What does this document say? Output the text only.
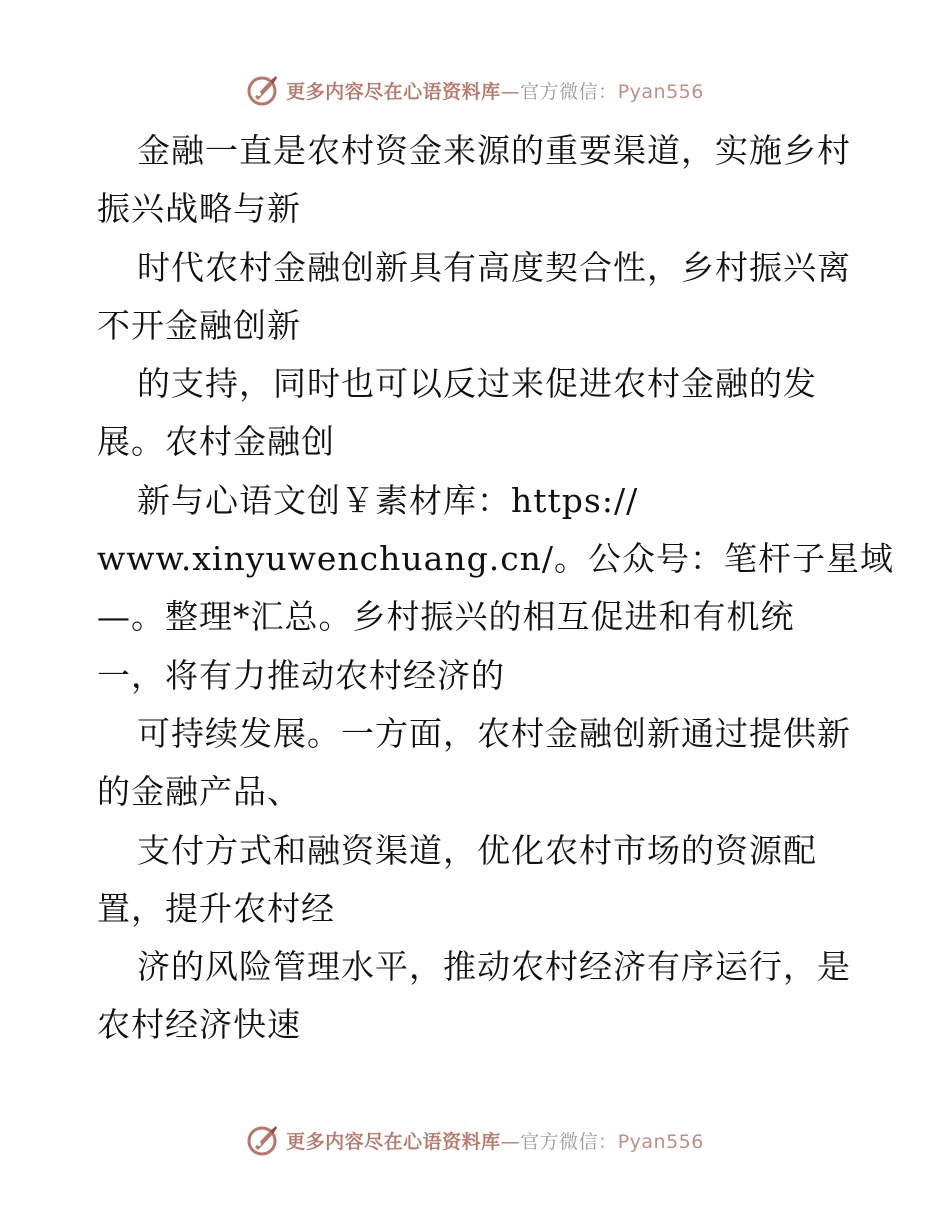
更多内容尽在心语资料库—官方微信：Pyan556
金融一直是农村资金来源的重要渠道，实施乡村
振兴战略与新
时代农村金融创新具有高度契合性，乡村振兴离
不开金融创新
的支持，同时也可以反过来促进农村金融的发
展。农村金融创
新与心语文创￥素材库：https://
www.xinyuwenchuang.cn/。公众号：笔杆子星域
—。整理*汇总。乡村振兴的相互促进和有机统
一，将有力推动农村经济的
可持续发展。一方面，农村金融创新通过提供新
的金融产品、
支付方式和融资渠道，优化农村市场的资源配
置，提升农村经
济的风险管理水平，推动农村经济有序运行，是
农村经济快速
更多内容尽在心语资料库—官方微信：Pyan556
